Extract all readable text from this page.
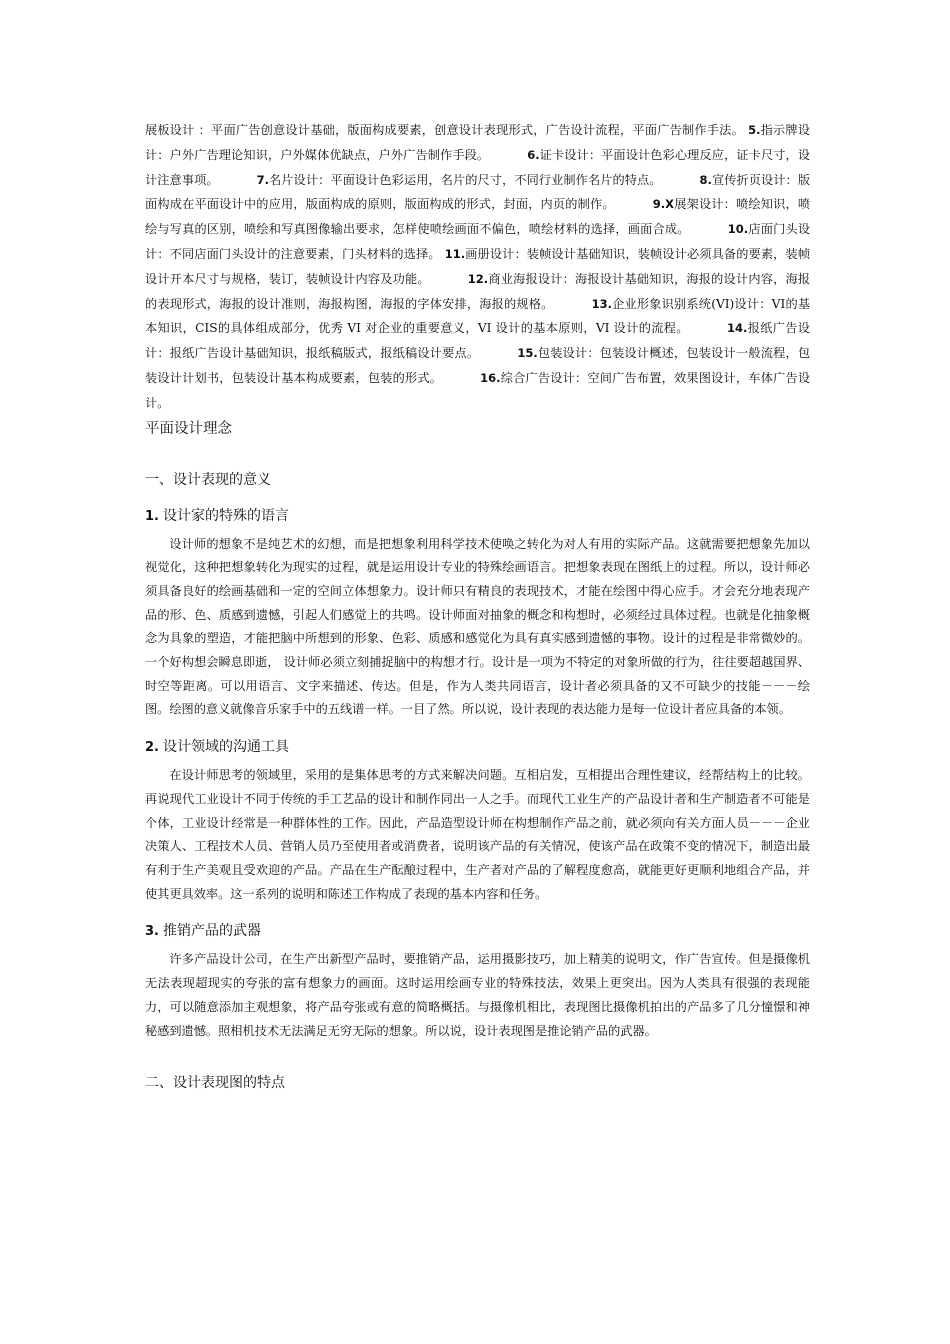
展板设计 ：平面广告创意设计基础，版面构成要素，创意设计表现形式，广告设计流程，平面广告制作手法。 5.指示牌设计：户外广告理论知识，户外媒体优缺点，户外广告制作手段。	6.证卡设计：平面设计色彩心理反应，证卡尺寸，设计注意事项。	7.名片设计：平面设计色彩运用，名片的尺寸，不同行业制作名片的特点。	8.宣传折页设计：版面构成在平面设计中的应用，版面构成的原则，版面构成的形式，封面，内页的制作。	9.X展架设计：喷绘知识，喷绘与写真的区别，喷绘和写真图像输出要求，怎样使喷绘画面不偏色，喷绘材料的选择，画面合成。	10.店面门头设计：不同店面门头设计的注意要素，门头材料的选择。 11.画册设计：装帧设计基础知识，装帧设计必须具备的要素，装帧设计开本尺寸与规格，装订，装帧设计内容及功能。	12.商业海报设计：海报设计基础知识，海报的设计内容，海报的表现形式，海报的设计准则，海报构图，海报的字体安排，海报的规格。	13.企业形象识别系统(VI)设计：VI的基本知识，CIS的具体组成部分，优秀 VI 对企业的重要意义，VI 设计的基本原则，VI 设计的流程。	14.报纸广告设计：报纸广告设计基础知识，报纸稿版式，报纸稿设计要点。	15.包装设计：包装设计概述，包装设计一般流程，包装设计计划书，包装设计基本构成要素，包装的形式。	16.综合广告设计：空间广告布置，效果图设计，车体广告设计。

平面设计理念
一、设计表现的意义
1. 设计家的特殊的语言

设计师的想象不是纯艺术的幻想，而是把想象利用科学技术使唤之转化为对人有用的实际产品。这就需要把想象先加以视觉化，这种把想象转化为现实的过程，就是运用设计专业的特殊绘画语言。把想象表现在图纸上的过程。所以，设计师必须具备良好的绘画基础和一定的空间立体想象力。设计师只有精良的表现技术，才能在绘图中得心应手。才会充分地表现产品的形、色、质感到遗憾，引起人们感觉上的共鸣。设计师面对抽象的概念和构想时，必须经过具体过程。也就是化抽象概念为具象的塑造，才能把脑中所想到的形象、色彩、质感和感觉化为具有真实感到遗憾的事物。设计的过程是非常微妙的。一个好构想会瞬息即逝， 设计师必须立刻捕捉脑中的构想才行。设计是一项为不特定的对象所做的行为，往往要超越国界、时空等距离。可以用语言、文字来描述、传达。但是，作为人类共同语言，设计者必须具备的又不可缺少的技能－－－绘图。绘图的意义就像音乐家手中的五线谱一样。一目了然。所以说，设计表现的表达能力是每一位设计者应具备的本领。

2. 设计领域的沟通工具

在设计师思考的领域里，采用的是集体思考的方式来解决问题。互相启发，互相提出合理性建议，经帮结构上的比较。再说现代工业设计不同于传统的手工艺品的设计和制作同出一人之手。而现代工业生产的产品设计者和生产制造者不可能是个体，工业设计经常是一种群体性的工作。因此，产品造型设计师在构想制作产品之前，就必须向有关方面人员－－－企业决策人、工程技术人员、营销人员乃至使用者或消费者，说明该产品的有关情况，使该产品在政策不变的情况下，制造出最有利于生产美观且受欢迎的产品。产品在生产酝酿过程中，生产者对产品的了解程度愈高，就能更好更顺利地组合产品，并使其更具效率。这一系列的说明和陈述工作构成了表现的基本内容和任务。

3. 推销产品的武器

许多产品设计公司，在生产出新型产品时，要推销产品，运用摄影技巧，加上精美的说明文，作广告宣传。但是摄像机无法表现超现实的夸张的富有想象力的画面。这时运用绘画专业的特殊技法，效果上更突出。因为人类具有很强的表现能力，可以随意添加主观想象，将产品夸张或有意的简略概括。与摄像机相比，表现图比摄像机拍出的产品多了几分憧憬和神秘感到遗憾。照相机技术无法满足无穷无际的想象。所以说，设计表现图是推论销产品的武器。

二、设计表现图的特点
